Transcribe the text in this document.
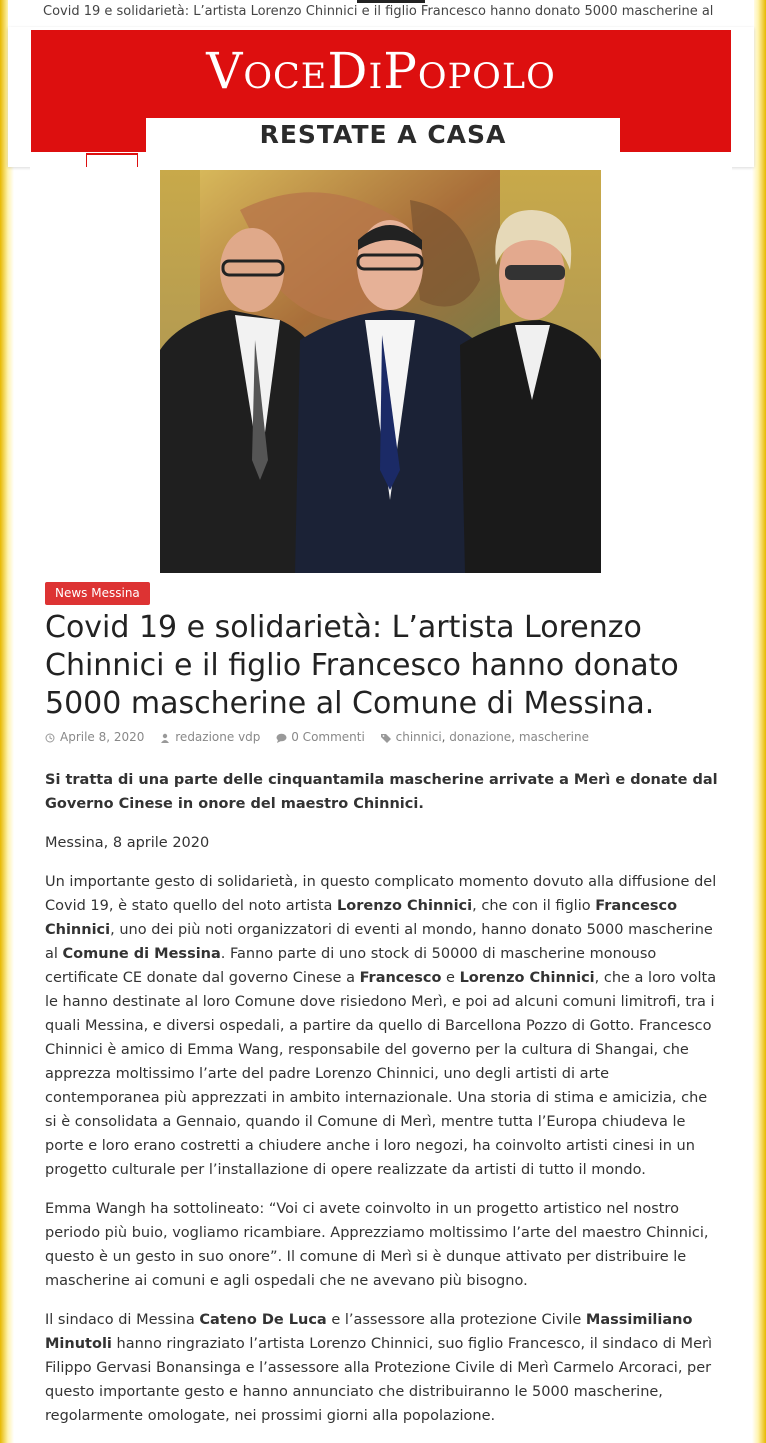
Covid 19 e solidarietà: L’artista Lorenzo Chinnici e il figlio Francesco hanno donato 5000 mascherine al
VoceDiPopolo
RESTATE A CASA
News Messina
Covid 19 e solidarietà: L’artista Lorenzo Chinnici e il figlio Francesco hanno donato 5000 mascherine al Comune di Messina.
Aprile 8, 2020	redazione vdp	0 Commenti	chinnici, donazione, mascherine

Si tratta di una parte delle cinquantamila mascherine arrivate a Merì e donate dal Governo Cinese in onore del maestro Chinnici.

Messina, 8 aprile 2020

Un importante gesto di solidarietà, in questo complicato momento dovuto alla diffusione del Covid 19, è stato quello del noto artista Lorenzo Chinnici, che con il figlio Francesco Chinnici, uno dei più noti organizzatori di eventi al mondo, hanno donato 5000 mascherine al Comune di Messina. Fanno parte di uno stock di 50000 di mascherine monouso certificate CE donate dal governo Cinese a Francesco e Lorenzo Chinnici, che a loro volta le hanno destinate al loro Comune dove risiedono Merì, e poi ad alcuni comuni limitrofi, tra i quali Messina, e diversi ospedali, a partire da quello di Barcellona Pozzo di Gotto. Francesco Chinnici è amico di Emma Wang, responsabile del governo per la cultura di Shangai, che apprezza moltissimo l’arte del padre Lorenzo Chinnici, uno degli artisti di arte contemporanea più apprezzati in ambito internazionale. Una storia di stima e amicizia, che si è consolidata a Gennaio, quando il Comune di Merì, mentre tutta l’Europa chiudeva le porte e loro erano costretti a chiudere anche i loro negozi, ha coinvolto artisti cinesi in un progetto culturale per l’installazione di opere realizzate da artisti di tutto il mondo.

Emma Wangh ha sottolineato: “Voi ci avete coinvolto in un progetto artistico nel nostro periodo più buio, vogliamo ricambiare. Apprezziamo moltissimo l’arte del maestro Chinnici, questo è un gesto in suo onore”. Il comune di Merì si è dunque attivato per distribuire le mascherine ai comuni e agli ospedali che ne avevano più bisogno.

Il sindaco di Messina Cateno De Luca e l’assessore alla protezione Civile Massimiliano Minutoli hanno ringraziato l’artista Lorenzo Chinnici, suo figlio Francesco, il sindaco di Merì Filippo Gervasi Bonansinga e l’assessore alla Protezione Civile di Merì Carmelo Arcoraci, per questo importante gesto e hanno annunciato che distribuiranno le 5000 mascherine, regolarmente omologate, nei prossimi giorni alla popolazione.
